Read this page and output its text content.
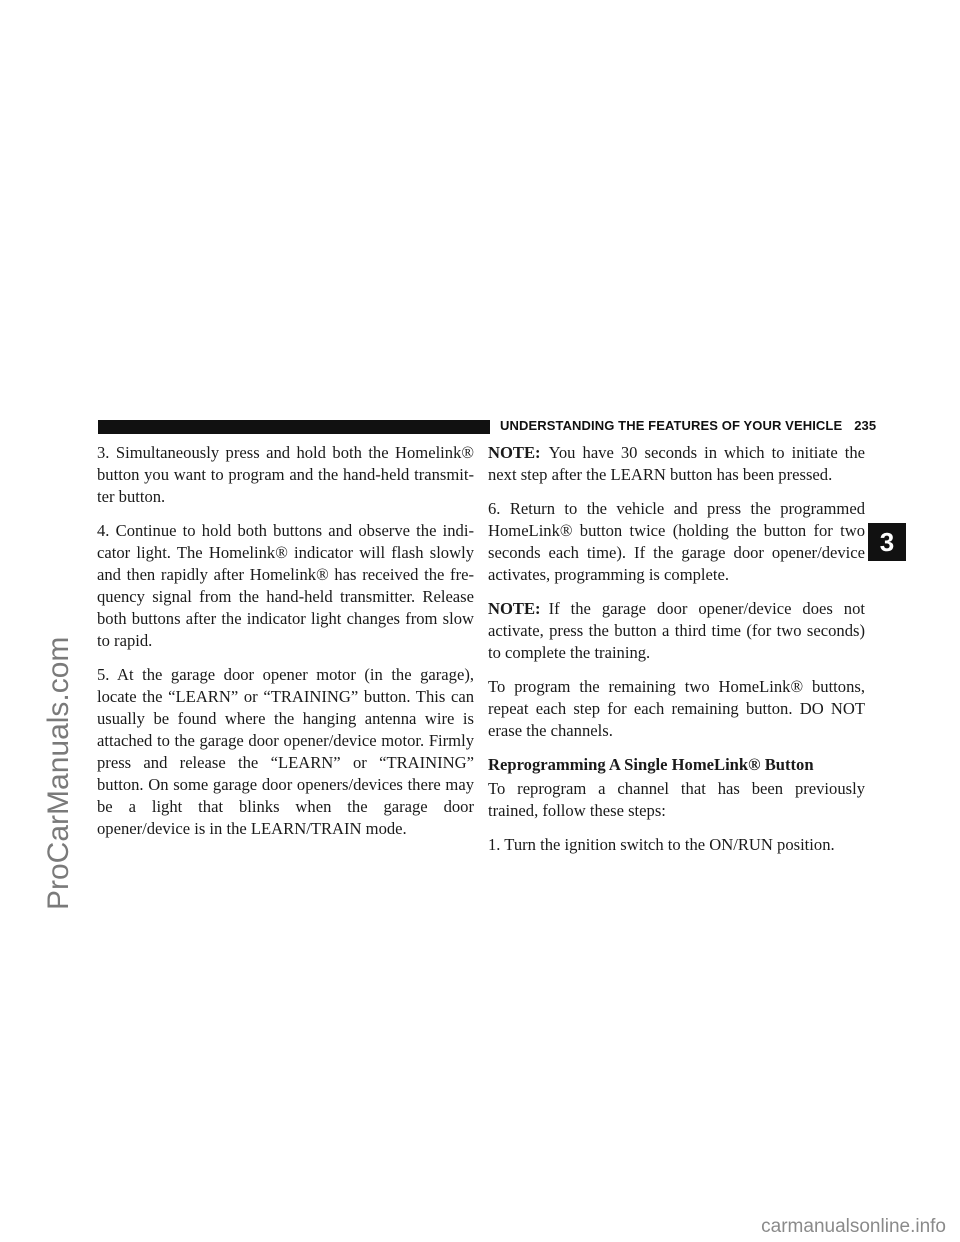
UNDERSTANDING THE FEATURES OF YOUR VEHICLE 235

3. Simultaneously press and hold both the Homelink® button you want to program and the hand-held transmit-ter button.

4. Continue to hold both buttons and observe the indi-cator light. The Homelink® indicator will flash slowly and then rapidly after Homelink® has received the fre-quency signal from the hand-held transmitter. Release both buttons after the indicator light changes from slow to rapid.

5. At the garage door opener motor (in the garage), locate the “LEARN” or “TRAINING” button. This can usually be found where the hanging antenna wire is attached to the garage door opener/device motor. Firmly press and release the “LEARN” or “TRAINING” button. On some garage door openers/devices there may be a light that blinks when the garage door opener/device is in the LEARN/TRAIN mode.

NOTE: You have 30 seconds in which to initiate the next step after the LEARN button has been pressed.

6. Return to the vehicle and press the programmed HomeLink® button twice (holding the button for two seconds each time). If the garage door opener/device activates, programming is complete.

NOTE: If the garage door opener/device does not activate, press the button a third time (for two seconds) to complete the training.

To program the remaining two HomeLink® buttons, repeat each step for each remaining button. DO NOT erase the channels.

Reprogramming A Single HomeLink® Button

To reprogram a channel that has been previously trained, follow these steps:

1. Turn the ignition switch to the ON/RUN position.

3
ProCarManuals.com
carmanualsonline.info
